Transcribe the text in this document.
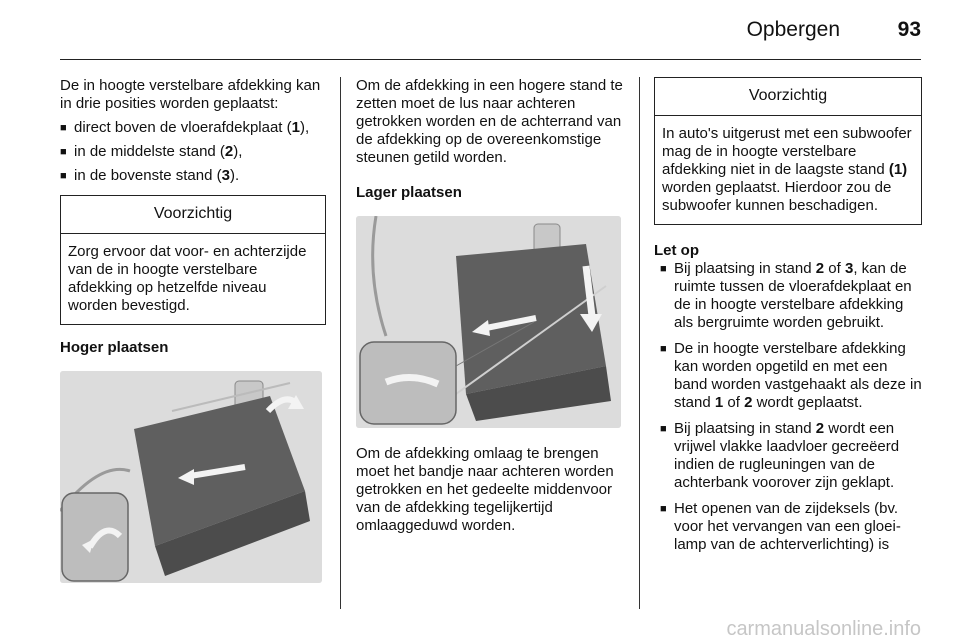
Opbergen	93

De in hoogte verstelbare afdekking kan in drie posities worden geplaatst:

■ direct boven de vloerafdekplaat (1),
■ in de middelste stand (2),
■ in de bovenste stand (3).
Voorzichtig
Zorg ervoor dat voor- en achterzijde van de in hoogte verstelbare afdekking op hetzelfde niveau worden bevestigd.

Hoger plaatsen

Om de afdekking in een hogere stand te zetten moet de lus naar achteren getrokken worden en de achterrand van de afdekking op de overeenkomstige steunen getild worden.

Lager plaatsen

Om de afdekking omlaag te brengen moet het bandje naar achteren worden getrokken en het gedeelte middenvoor van de afdekking tegelijkertijd omlaaggeduwd worden.

Voorzichtig
In auto's uitgerust met een subwoofer mag de in hoogte verstelbare afdekking niet in de laagste stand (1) worden geplaatst. Hierdoor zou de subwoofer kunnen beschadigen.

Let op

■ Bij plaatsing in stand 2 of 3, kan de ruimte tussen de vloerafdekplaat en de in hoogte verstelbare afdekking als bergruimte worden gebruikt.
■ De in hoogte verstelbare afdekking kan worden opgetild en met een band worden vastgehaakt als deze in stand 1 of 2 wordt geplaatst.
■ Bij plaatsing in stand 2 wordt een vrijwel vlakke laadvloer gecreëerd indien de rugleuningen van de achterbank voorover zijn geklapt.
■ Het openen van de zijdeksels (bv. voor het vervangen van een gloeilamp van de achterverlichting) is
carmanualsonline.info
